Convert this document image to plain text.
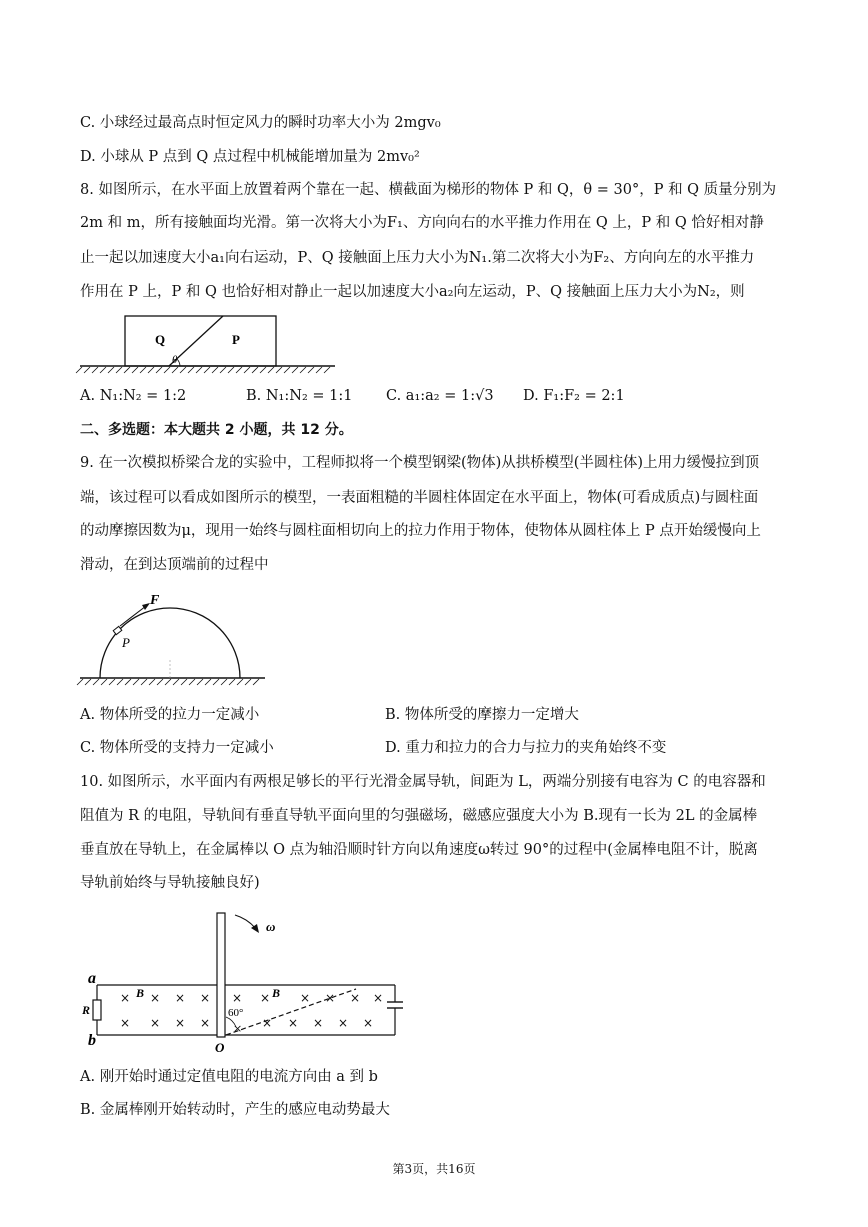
C. 小球经过最高点时恒定风力的瞬时功率大小为 2mgv₀
D. 小球从 P 点到 Q 点过程中机械能增加量为 2mv₀²
8. 如图所示，在水平面上放置着两个靠在一起、横截面为梯形的物体 P 和 Q，θ = 30°，P 和 Q 质量分别为
2m 和 m，所有接触面均光滑。第一次将大小为F₁、方向向右的水平推力作用在 Q 上，P 和 Q 恰好相对静
止一起以加速度大小a₁向右运动，P、Q 接触面上压力大小为N₁.第二次将大小为F₂、方向向左的水平推力
作用在 P 上，P 和 Q 也恰好相对静止一起以加速度大小a₂向左运动，P、Q 接触面上压力大小为N₂，则
Q	P
θ
A. N₁:N₂ = 1:2	B. N₁:N₂ = 1:1 C. a₁:a₂ = 1:√3 D. F₁:F₂ = 2:1
二、多选题：本大题共 2 小题，共 12 分。
9. 在一次模拟桥梁合龙的实验中，工程师拟将一个模型钢梁(物体)从拱桥模型(半圆柱体)上用力缓慢拉到顶
端，该过程可以看成如图所示的模型，一表面粗糙的半圆柱体固定在水平面上，物体(可看成质点)与圆柱面
的动摩擦因数为μ，现用一始终与圆柱面相切向上的拉力作用于物体，使物体从圆柱体上 P 点开始缓慢向上
滑动，在到达顶端前的过程中
F
P
A. 物体所受的拉力一定减小	B. 物体所受的摩擦力一定增大
C. 物体所受的支持力一定减小	D. 重力和拉力的合力与拉力的夹角始终不变
10. 如图所示，水平面内有两根足够长的平行光滑金属导轨，间距为 L，两端分别接有电容为 C 的电容器和
阻值为 R 的电阻，导轨间有垂直导轨平面向里的匀强磁场，磁感应强度大小为 B.现有一长为 2L 的金属棒
垂直放在导轨上，在金属棒以 O 点为轴沿顺时针方向以角速度ω转过 90°的过程中(金属棒电阻不计，脱离
导轨前始终与导轨接触良好)
× × × ×
× × × ×
× × × × × ×
× × × × ×
×
a
b
R
B	B
60°
O
ω
A. 刚开始时通过定值电阻的电流方向由 a 到 b
B. 金属棒刚开始转动时，产生的感应电动势最大
第3页，共16页
